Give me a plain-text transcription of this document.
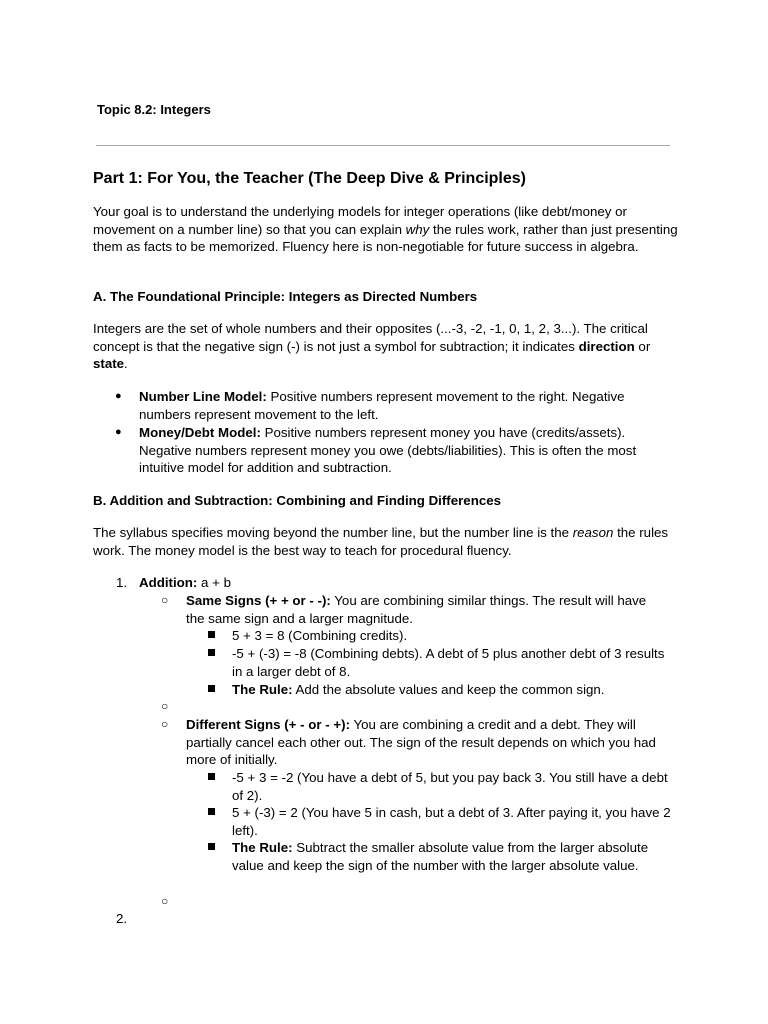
Topic 8.2: Integers
Part 1: For You, the Teacher (The Deep Dive & Principles)
Your goal is to understand the underlying models for integer operations (like debt/money or movement on a number line) so that you can explain why the rules work, rather than just presenting them as facts to be memorized. Fluency here is non-negotiable for future success in algebra.
A. The Foundational Principle: Integers as Directed Numbers
Integers are the set of whole numbers and their opposites (...-3, -2, -1, 0, 1, 2, 3...). The critical concept is that the negative sign (-) is not just a symbol for subtraction; it indicates direction or state.
● Number Line Model: Positive numbers represent movement to the right. Negative numbers represent movement to the left.
● Money/Debt Model: Positive numbers represent money you have (credits/assets). Negative numbers represent money you owe (debts/liabilities). This is often the most intuitive model for addition and subtraction.
B. Addition and Subtraction: Combining and Finding Differences
The syllabus specifies moving beyond the number line, but the number line is the reason the rules work. The money model is the best way to teach for procedural fluency.
1. Addition: a + b
○ Same Signs (+ + or - -): You are combining similar things. The result will have the same sign and a larger magnitude.
5 + 3 = 8 (Combining credits).
-5 + (-3) = -8 (Combining debts). A debt of 5 plus another debt of 3 results in a larger debt of 8.
The Rule: Add the absolute values and keep the common sign.
○
○ Different Signs (+ - or - +): You are combining a credit and a debt. They will partially cancel each other out. The sign of the result depends on which you had more of initially.
-5 + 3 = -2 (You have a debt of 5, but you pay back 3. You still have a debt of 2).
5 + (-3) = 2 (You have 5 in cash, but a debt of 3. After paying it, you have 2 left).
The Rule: Subtract the smaller absolute value from the larger absolute value and keep the sign of the number with the larger absolute value.
○
2.
